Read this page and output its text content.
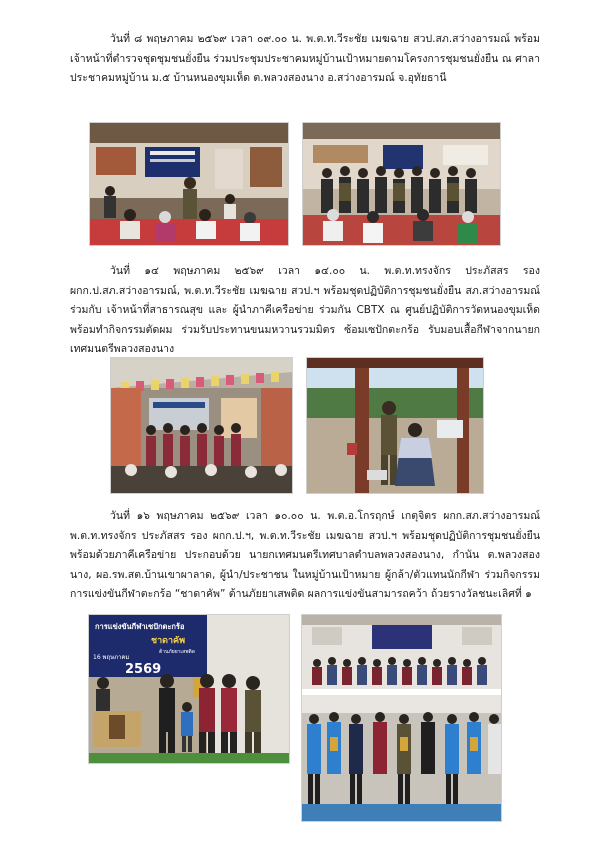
วันที่ ๘ พฤษภาคม ๒๕๖๙ เวลา ๐๙.๐๐ น. พ.ต.ท.วีระชัย เมฆฉาย สวป.สภ.สว่างอารมณ์ พร้อมเจ้าหน้าที่ตำรวจชุดชุมชนยั่งยืน ร่วมประชุมประชาคมหมู่บ้านเป้าหมายตามโครงการชุมชนยั่งยืน ณ ศาลาประชาคมหมู่บ้าน ม.๕ บ้านหนองขุมเห็ด ต.พลวงสองนาง อ.สว่างอารมณ์ จ.อุทัยธานี

วันที่ ๑๔ พฤษภาคม ๒๕๖๙ เวลา ๑๔.๐๐ น. พ.ต.ท.ทรงจักร ประภัสสร รอง ผกก.ป.สภ.สว่างอารมณ์, พ.ต.ท.วีระชัย เมฆฉาย สวป.ฯ พร้อมชุดปฏิบัติการชุมชนยั่งยืน สภ.สว่างอารมณ์ ร่วมกับ เจ้าหน้าที่สาธารณสุข และ ผู้นำภาคีเครือข่าย ร่วมกัน CBTX ณ ศูนย์ปฏิบัติการวัดหนองขุมเห็ด พร้อมทำกิจกรรมตัดผม ร่วมรับประทานขนมหวานรวมมิตร ซ้อมเซปักตะกร้อ รับมอบเสื้อกีฬาจากนายกเทศมนตรีพลวงสองนาง

วันที่ ๑๖ พฤษภาคม ๒๕๖๙ เวลา ๑๐.๐๐ น. พ.ต.อ.โกรฤกษ์ เกตุจิตร ผกก.สภ.สว่างอารมณ์ พ.ต.ท.ทรงจักร ประภัสสร รอง ผกก.ป.ฯ, พ.ต.ท.วีระชัย เมฆฉาย สวป.ฯ พร้อมชุดปฏิบัติการชุมชนยั่งยืนพร้อมด้วยภาคีเครือข่าย ประกอบด้วย นายกเทศมนตรีเทศบาลตำบลพลวงสองนาง, กำนัน ต.พลวงสองนาง, ผอ.รพ.สต.บ้านเขาผาลาด, ผู้นำ/ประชาชน ในหมู่บ้านเป้าหมาย ผู้กล้า/ตัวแทนนักกีฬา ร่วมกิจกรรมการแข่งขันกีฬาตะกร้อ “ชาดาคัพ” ต้านภัยยาเสพติด ผลการแข่งขันสามารถคว้า ถ้วยรางวัลชนะเลิศที่ ๑

การแข่งขันกีฬาเซปักตะกร้อ
ชาดาคัพ
ต้านภัยยาเสพติด
16 พฤษภาคม
2569
